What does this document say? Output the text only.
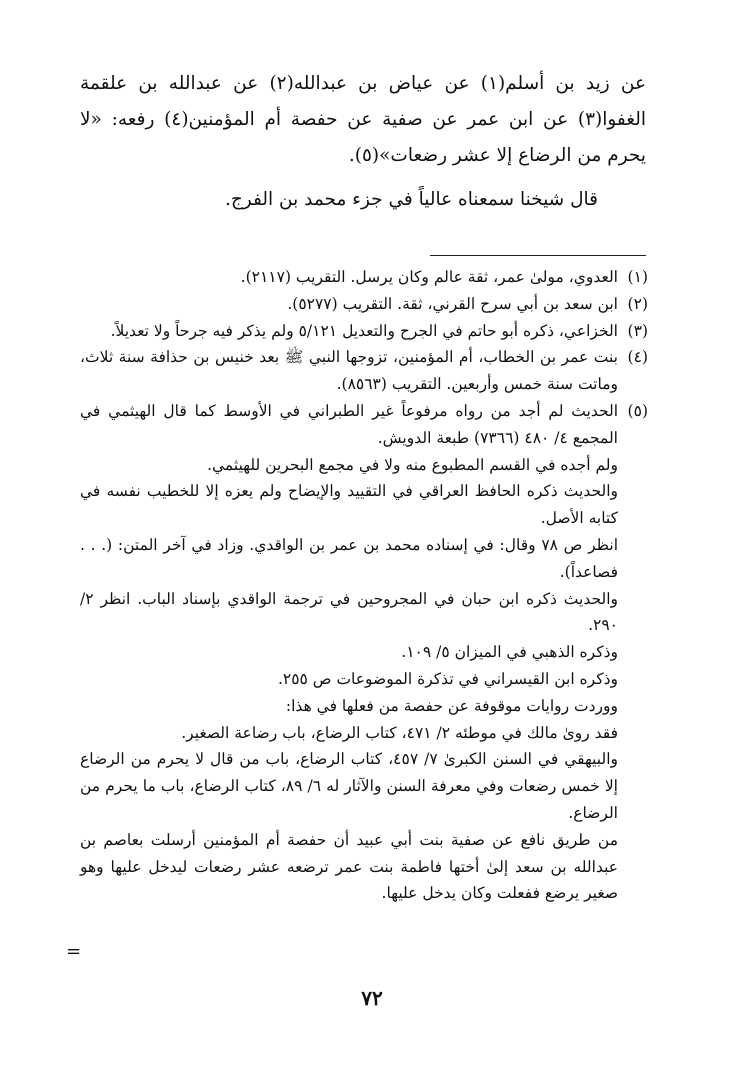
عن زيد بن أسلم(١) عن عياض بن عبدالله(٢) عن عبدالله بن علقمة الغفوا(٣) عن ابن عمر عن صفية عن حفصة أم المؤمنين(٤) رفعه: «لا يحرم من الرضاع إلا عشر رضعات»(٥).

قال شيخنا سمعناه عالياً في جزء محمد بن الفرج.

(١)
العدوي، مولىٰ عمر، ثقة عالم وكان يرسل. التقريب (٢١١٧).
(٢)
ابن سعد بن أبي سرح القرني، ثقة. التقريب (٥٢٧٧).
(٣)
الخزاعي، ذكره أبو حاتم في الجرح والتعديل ٥/١٢١ ولم يذكر فيه جرحاً ولا تعديلاً.
(٤)
بنت عمر بن الخطاب، أم المؤمنين، تزوجها النبي ﷺ بعد خنيس بن حذافة سنة ثلاث، وماتت سنة خمس وأربعين. التقريب (٨٥٦٣).
(٥)
الحديث لم أجد من رواه مرفوعاً غير الطبراني في الأوسط كما قال الهيثمي في المجمع ٤/ ٤٨٠ (٧٣٦٦) طبعة الدويش.

ولم أجده في القسم المطبوع منه ولا في مجمع البحرين للهيثمي.

والحديث ذكره الحافظ العراقي في التقييد والإيضاح ولم يعزه إلا للخطيب نفسه في كتابه الأصل.

انظر ص ٧٨ وقال: في إسناده محمد بن عمر بن الواقدي. وزاد في آخر المتن: (. . . فصاعداً).

والحديث ذكره ابن حبان في المجروحين في ترجمة الواقدي بإسناد الباب. انظر ٢/ ٢٩٠.

وذكره الذهبي في الميزان ٥/ ١٠٩.

وذكره ابن القيسراني في تذكرة الموضوعات ص ٢٥٥.

ووردت روايات موقوفة عن حفصة من فعلها في هذا:

فقد روىٰ مالك في موطئه ٢/ ٤٧١، كتاب الرضاع، باب رضاعة الصغير.

والبيهقي في السنن الكبرىٰ ٧/ ٤٥٧، كتاب الرضاع، باب من قال لا يحرم من الرضاع إلا خمس رضعات وفي معرفة السنن والآثار له ٦/ ٨٩، كتاب الرضاع، باب ما يحرم من الرضاع.

من طريق نافع عن صفية بنت أبي عبيد أن حفصة أم المؤمنين أرسلت بعاصم بن عبدالله بن سعد إلىٰ أختها فاطمة بنت عمر ترضعه عشر رضعات ليدخل عليها وهو صغير يرضع ففعلت وكان يدخل عليها.

=
٧٢
